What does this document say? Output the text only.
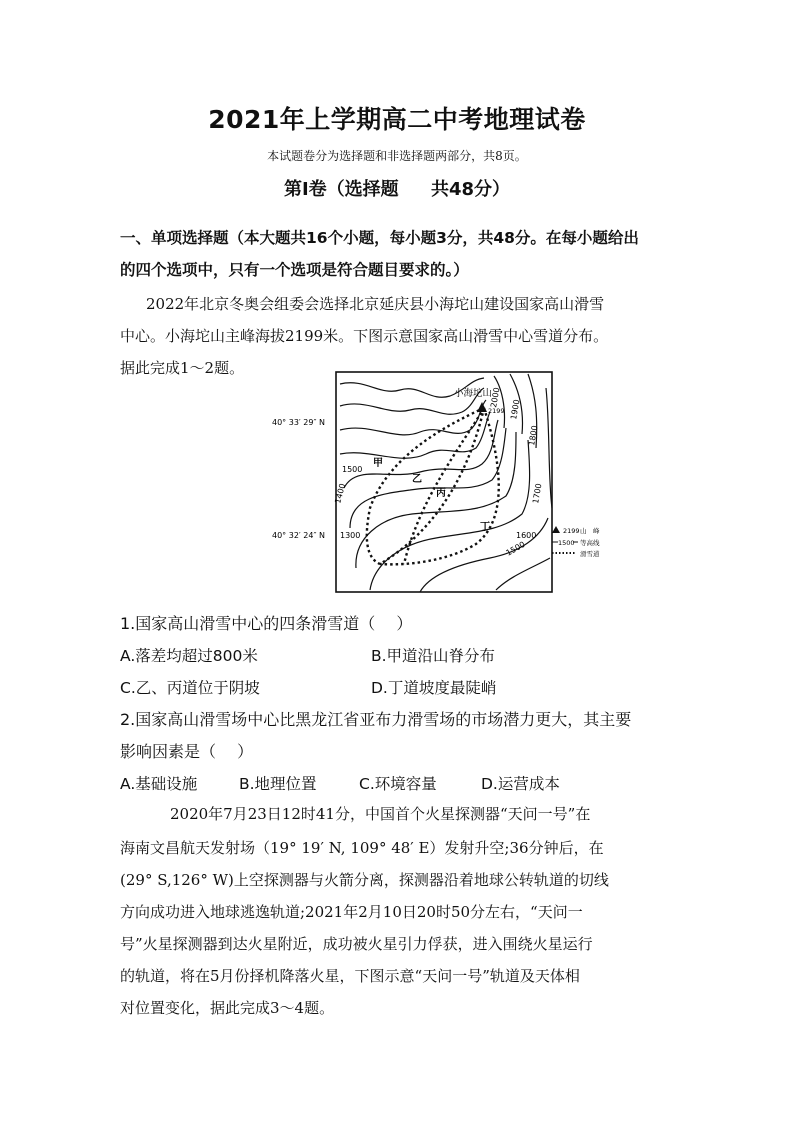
2021年上学期高二中考地理试卷
本试题卷分为选择题和非选择题两部分，共8页。
第Ⅰ卷（选择题　 共48分）
一、单项选择题（本大题共16个小题，每小题3分，共48分。在每小题给出
的四个选项中，只有一个选项是符合题目要求的。）
2022年北京冬奥会组委会选择北京延庆县小海坨山建设国家高山滑雪
中心。小海坨山主峰海拔2199米。下图示意国家高山滑雪中心雪道分布。
据此完成1～2题。
40° 33′ 29″ N
40° 32′ 24″ N
小海坨山
2199
2000
1900
1800
1700
1600
1500
1500
1400
1300
甲
乙
丙
丁	2199 山　峰
1500 等高线
滑雪道
1.国家高山滑雪中心的四条滑雪道（　 ）
A.落差均超过800米	B.甲道沿山脊分布
C.乙、丙道位于阴坡	D.丁道坡度最陡峭
2.国家高山滑雪场中心比黑龙江省亚布力滑雪场的市场潜力更大，其主要
影响因素是（　 ）
A.基础设施	B.地理位置	C.环境容量	D.运营成本
2020年7月23日12时41分，中国首个火星探测器“天问一号”在
海南文昌航天发射场（19° 19′ N, 109° 48′ E）发射升空;36分钟后，在
(29° S,126° W)上空探测器与火箭分离，探测器沿着地球公转轨道的切线
方向成功进入地球逃逸轨道;2021年2月10日20时50分左右，“天问一
号”火星探测器到达火星附近，成功被火星引力俘获，进入围绕火星运行
的轨道，将在5月份择机降落火星，下图示意“天问一号”轨道及天体相
对位置变化，据此完成3～4题。
